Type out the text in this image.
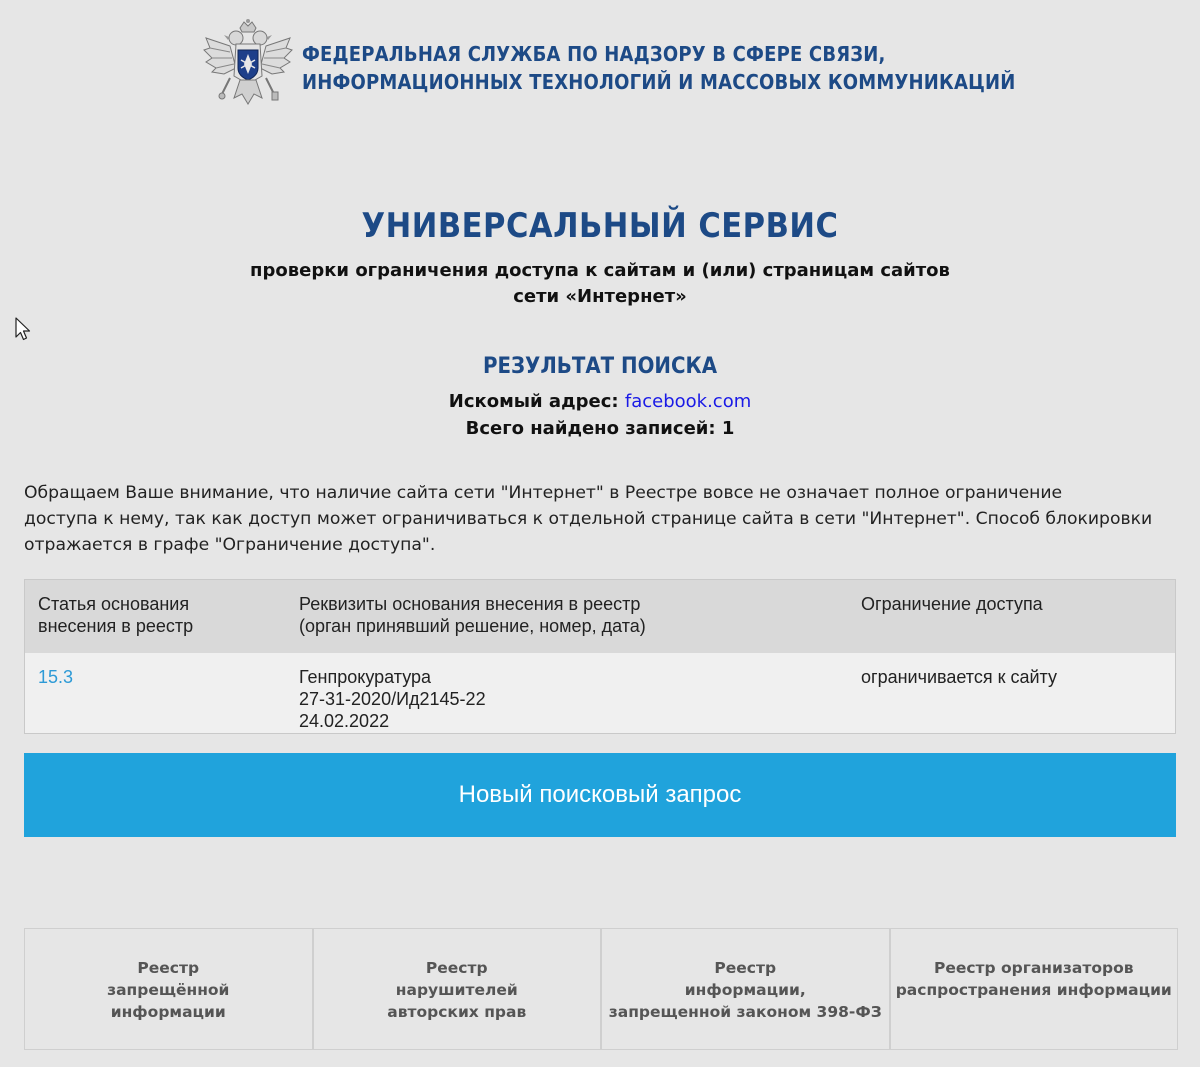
ФЕДЕРАЛЬНАЯ СЛУЖБА ПО НАДЗОРУ В СФЕРЕ СВЯЗИ,
ИНФОРМАЦИОННЫХ ТЕХНОЛОГИЙ И МАССОВЫХ КОММУНИКАЦИЙ
УНИВЕРСАЛЬНЫЙ СЕРВИС
проверки ограничения доступа к сайтам и (или) страницам сайтов
сети «Интернет»
РЕЗУЛЬТАТ ПОИСКА
Искомый адрес: facebook.com
Всего найдено записей: 1
Обращаем Ваше внимание, что наличие сайта сети "Интернет" в Реестре вовсе не означает полное ограничение
доступа к нему, так как доступ может ограничиваться к отдельной странице сайта в сети "Интернет". Способ блокировки
отражается в графе "Ограничение доступа".
Статья основания
внесения в реестр
Реквизиты основания внесения в реестр
(орган принявший решение, номер, дата)
Ограничение доступа
15.3	Генпрокуратура
27-31-2020/Ид2145-22
24.02.2022
ограничивается к сайту
Новый поисковый запрос
Реестр
запрещённой
информации
Реестр
нарушителей
авторских прав
Реестр
информации,
запрещенной законом 398-ФЗ
Реестр организаторов
распространения информации
